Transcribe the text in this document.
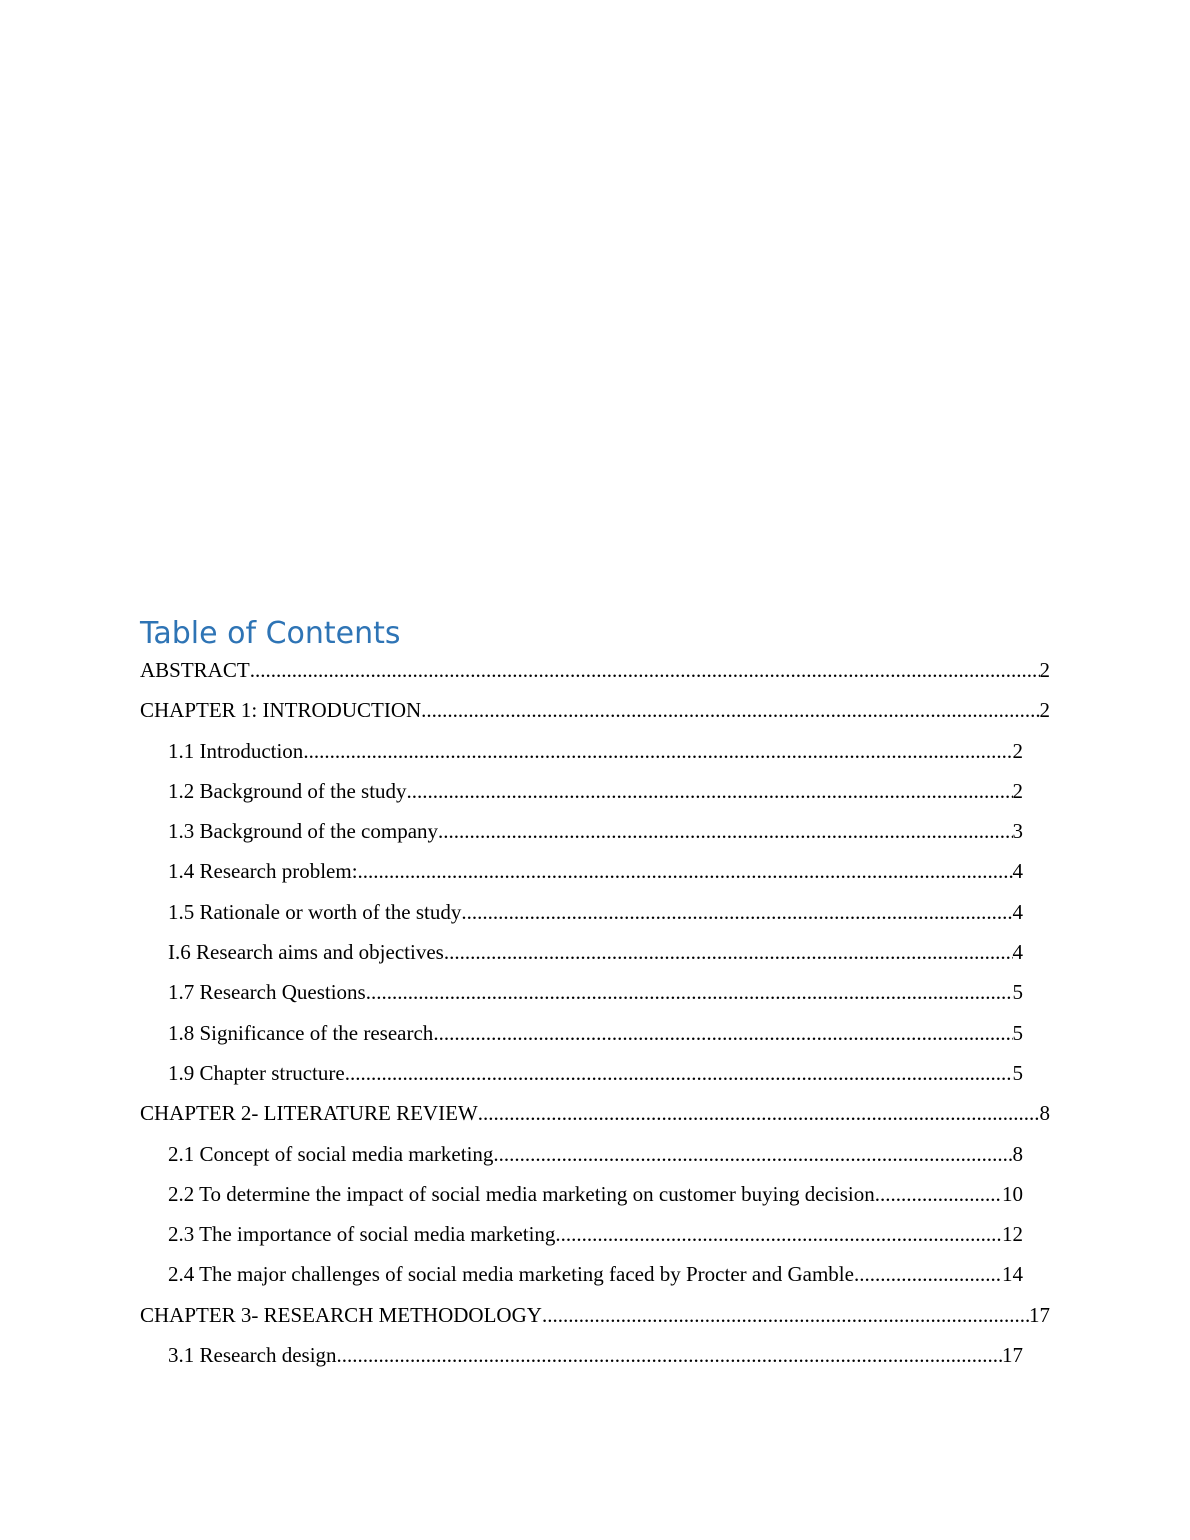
Table of Contents
ABSTRACT .....	2
CHAPTER 1: INTRODUCTION .....	2
1.1 Introduction .....	2
1.2 Background of the study .....	2
1.3 Background of the company .....	3
1.4 Research problem: .....	4
1.5 Rationale or worth of the study .....	4
I.6 Research aims and objectives .....	4
1.7 Research Questions .....	5
1.8 Significance of the research .....	5
1.9 Chapter structure .....	5
CHAPTER 2- LITERATURE REVIEW .....	8
2.1 Concept of social media marketing .....	8
2.2 To determine the impact of social media marketing on customer buying decision. .....	10
2.3 The importance of social media marketing .....	12
2.4 The major challenges of social media marketing faced by Procter and Gamble .....	14
CHAPTER 3- RESEARCH METHODOLOGY .....	17
3.1 Research design .....	17
